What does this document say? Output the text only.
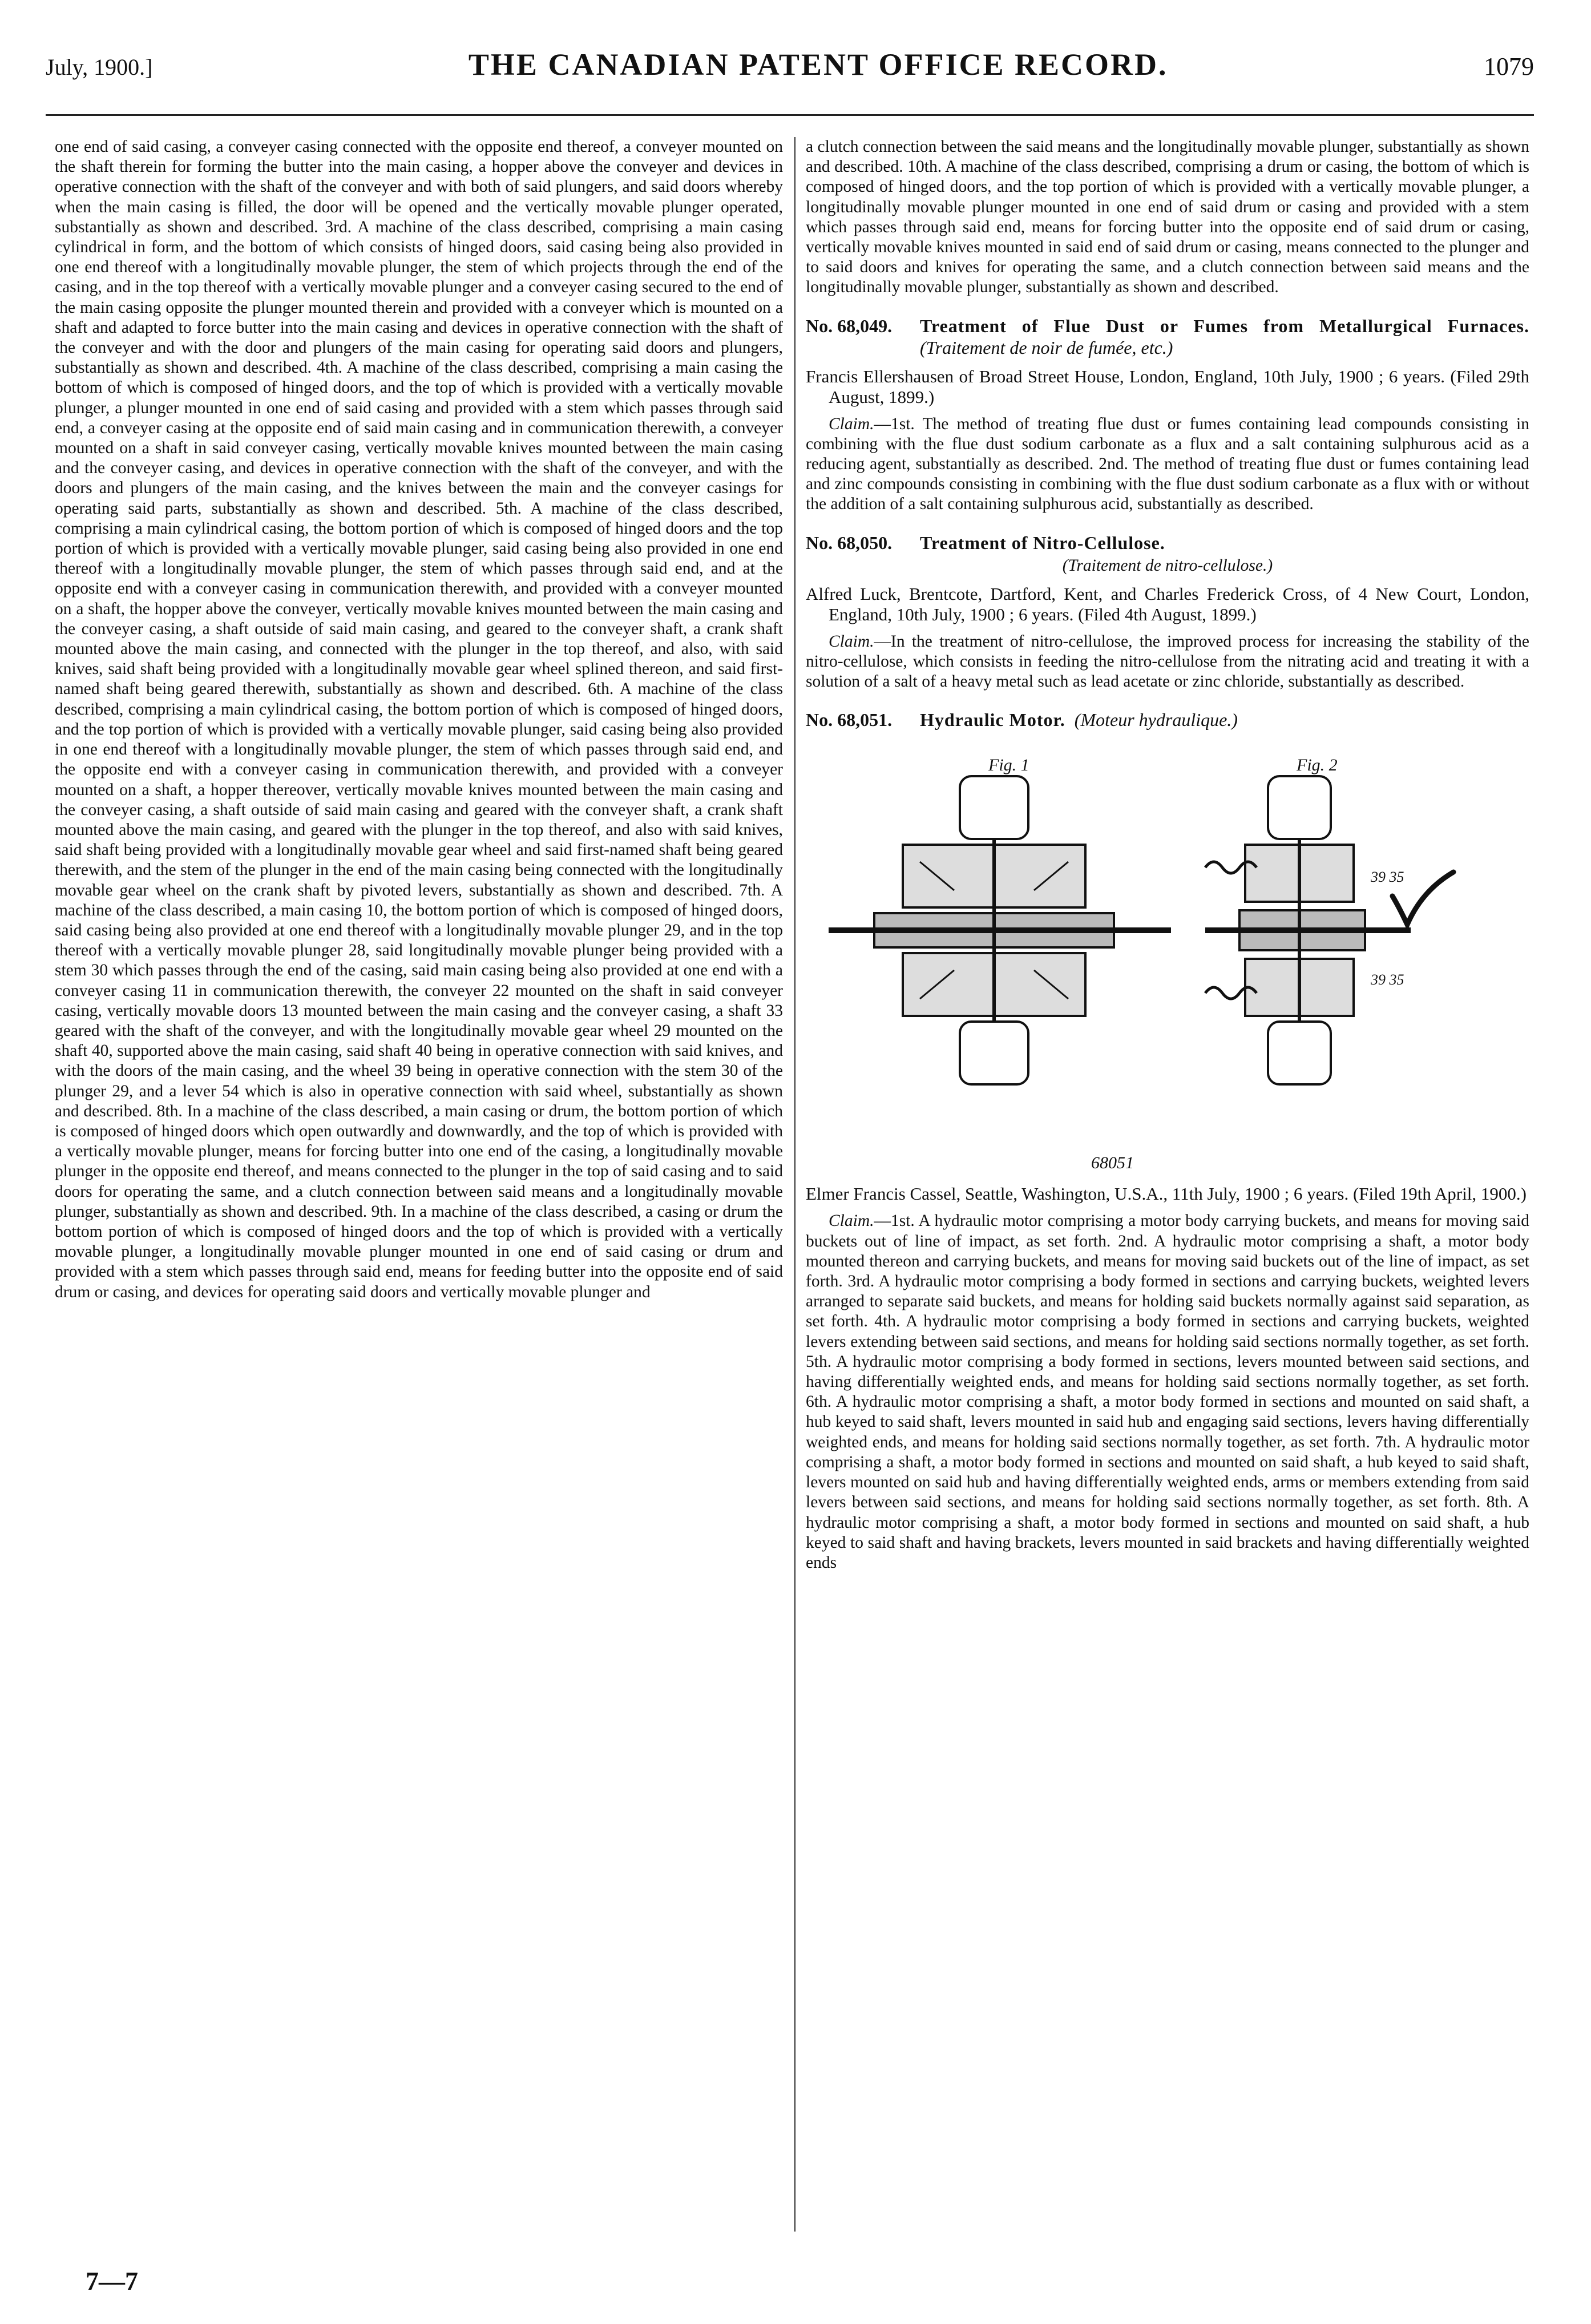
July, 1900.]	THE CANADIAN PATENT OFFICE RECORD.	1079

one end of said casing, a conveyer casing connected with the opposite end thereof, a conveyer mounted on the shaft therein for forming the butter into the main casing, a hopper above the conveyer and devices in operative connection with the shaft of the conveyer and with both of said plungers, and said doors whereby when the main casing is filled, the door will be opened and the vertically movable plunger operated, substantially as shown and described. 3rd. A machine of the class described, comprising a main casing cylindrical in form, and the bottom of which consists of hinged doors, said casing being also provided in one end thereof with a longitudinally movable plunger, the stem of which projects through the end of the casing, and in the top thereof with a vertically movable plunger and a conveyer casing secured to the end of the main casing opposite the plunger mounted therein and provided with a conveyer which is mounted on a shaft and adapted to force butter into the main casing and devices in operative connection with the shaft of the conveyer and with the door and plungers of the main casing for operating said doors and plungers, substantially as shown and described. 4th. A machine of the class described, comprising a main casing the bottom of which is composed of hinged doors, and the top of which is provided with a vertically movable plunger, a plunger mounted in one end of said casing and provided with a stem which passes through said end, a conveyer casing at the opposite end of said main casing and in communication therewith, a conveyer mounted on a shaft in said conveyer casing, vertically movable knives mounted between the main casing and the conveyer casing, and devices in operative connection with the shaft of the conveyer, and with the doors and plungers of the main casing, and the knives between the main and the conveyer casings for operating said parts, substantially as shown and described. 5th. A machine of the class described, comprising a main cylindrical casing, the bottom portion of which is composed of hinged doors and the top portion of which is provided with a vertically movable plunger, said casing being also provided in one end thereof with a longitudinally movable plunger, the stem of which passes through said end, and at the opposite end with a conveyer casing in communication therewith, and provided with a conveyer mounted on a shaft, the hopper above the conveyer, vertically movable knives mounted between the main casing and the conveyer casing, a shaft outside of said main casing, and geared to the conveyer shaft, a crank shaft mounted above the main casing, and connected with the plunger in the top thereof, and also, with said knives, said shaft being provided with a longitudinally movable gear wheel splined thereon, and said first-named shaft being geared therewith, substantially as shown and described. 6th. A machine of the class described, comprising a main cylindrical casing, the bottom portion of which is composed of hinged doors, and the top portion of which is provided with a vertically movable plunger, said casing being also provided in one end thereof with a longitudinally movable plunger, the stem of which passes through said end, and the opposite end with a conveyer casing in communication therewith, and provided with a conveyer mounted on a shaft, a hopper thereover, vertically movable knives mounted between the main casing and the conveyer casing, a shaft outside of said main casing and geared with the conveyer shaft, a crank shaft mounted above the main casing, and geared with the plunger in the top thereof, and also with said knives, said shaft being provided with a longitudinally movable gear wheel and said first-named shaft being geared therewith, and the stem of the plunger in the end of the main casing being connected with the longitudinally movable gear wheel on the crank shaft by pivoted levers, substantially as shown and described. 7th. A machine of the class described, a main casing 10, the bottom portion of which is composed of hinged doors, said casing being also provided at one end thereof with a longitudinally movable plunger 29, and in the top thereof with a vertically movable plunger 28, said longitudinally movable plunger being provided with a stem 30 which passes through the end of the casing, said main casing being also provided at one end with a conveyer casing 11 in communication therewith, the conveyer 22 mounted on the shaft in said conveyer casing, vertically movable doors 13 mounted between the main casing and the conveyer casing, a shaft 33 geared with the shaft of the conveyer, and with the longitudinally movable gear wheel 29 mounted on the shaft 40, supported above the main casing, said shaft 40 being in operative connection with said knives, and with the doors of the main casing, and the wheel 39 being in operative connection with the stem 30 of the plunger 29, and a lever 54 which is also in operative connection with said wheel, substantially as shown and described. 8th. In a machine of the class described, a main casing or drum, the bottom portion of which is composed of hinged doors which open outwardly and downwardly, and the top of which is provided with a vertically movable plunger, means for forcing butter into one end of the casing, a longitudinally movable plunger in the opposite end thereof, and means connected to the plunger in the top of said casing and to said doors for operating the same, and a clutch connection between said means and a longitudinally movable plunger, substantially as shown and described. 9th. In a machine of the class described, a casing or drum the bottom portion of which is composed of hinged doors and the top of which is provided with a vertically movable plunger, a longitudinally movable plunger mounted in one end of said casing or drum and provided with a stem which passes through said end, means for feeding butter into the opposite end of said drum or casing, and devices for operating said doors and vertically movable plunger and

a clutch connection between the said means and the longitudinally movable plunger, substantially as shown and described. 10th. A machine of the class described, comprising a drum or casing, the bottom of which is composed of hinged doors, and the top portion of which is provided with a vertically movable plunger, a longitudinally movable plunger mounted in one end of said drum or casing and provided with a stem which passes through said end, means for forcing butter into the opposite end of said drum or casing, vertically movable knives mounted in said end of said drum or casing, means connected to the plunger and to said doors and knives for operating the same, and a clutch connection between said means and the longitudinally movable plunger, substantially as shown and described.

No. 68,049. Treatment of Flue Dust or Fumes from Metallurgical Furnaces. (Traitement de noir de fumée, etc.)

Francis Ellershausen of Broad Street House, London, England, 10th July, 1900 ; 6 years. (Filed 29th August, 1899.)

Claim.—1st. The method of treating flue dust or fumes containing lead compounds consisting in combining with the flue dust sodium carbonate as a flux and a salt containing sulphurous acid as a reducing agent, substantially as described. 2nd. The method of treating flue dust or fumes containing lead and zinc compounds consisting in combining with the flue dust sodium carbonate as a flux with or without the addition of a salt containing sulphurous acid, substantially as described.

No. 68,050. Treatment of Nitro-Cellulose.

(Traitement de nitro-cellulose.)

Alfred Luck, Brentcote, Dartford, Kent, and Charles Frederick Cross, of 4 New Court, London, England, 10th July, 1900 ; 6 years. (Filed 4th August, 1899.)

Claim.—In the treatment of nitro-cellulose, the improved process for increasing the stability of the nitro-cellulose, which consists in feeding the nitro-cellulose from the nitrating acid and treating it with a solution of a salt of a heavy metal such as lead acetate or zinc chloride, substantially as described.

No. 68,051. Hydraulic Motor. (Moteur hydraulique.)

Fig. 1	Fig. 2
39 35
39 35
68051

Elmer Francis Cassel, Seattle, Washington, U.S.A., 11th July, 1900 ; 6 years. (Filed 19th April, 1900.)

Claim.—1st. A hydraulic motor comprising a motor body carrying buckets, and means for moving said buckets out of line of impact, as set forth. 2nd. A hydraulic motor comprising a shaft, a motor body mounted thereon and carrying buckets, and means for moving said buckets out of the line of impact, as set forth. 3rd. A hydraulic motor comprising a body formed in sections and carrying buckets, weighted levers arranged to separate said buckets, and means for holding said buckets normally against said separation, as set forth. 4th. A hydraulic motor comprising a body formed in sections and carrying buckets, weighted levers extending between said sections, and means for holding said sections normally together, as set forth. 5th. A hydraulic motor comprising a body formed in sections, levers mounted between said sections, and having differentially weighted ends, and means for holding said sections normally together, as set forth. 6th. A hydraulic motor comprising a shaft, a motor body formed in sections and mounted on said shaft, a hub keyed to said shaft, levers mounted in said hub and engaging said sections, levers having differentially weighted ends, and means for holding said sections normally together, as set forth. 7th. A hydraulic motor comprising a shaft, a motor body formed in sections and mounted on said shaft, a hub keyed to said shaft, levers mounted on said hub and having differentially weighted ends, arms or members extending from said levers between said sections, and means for holding said sections normally together, as set forth. 8th. A hydraulic motor comprising a shaft, a motor body formed in sections and mounted on said shaft, a hub keyed to said shaft and having brackets, levers mounted in said brackets and having differentially weighted ends

7—7
